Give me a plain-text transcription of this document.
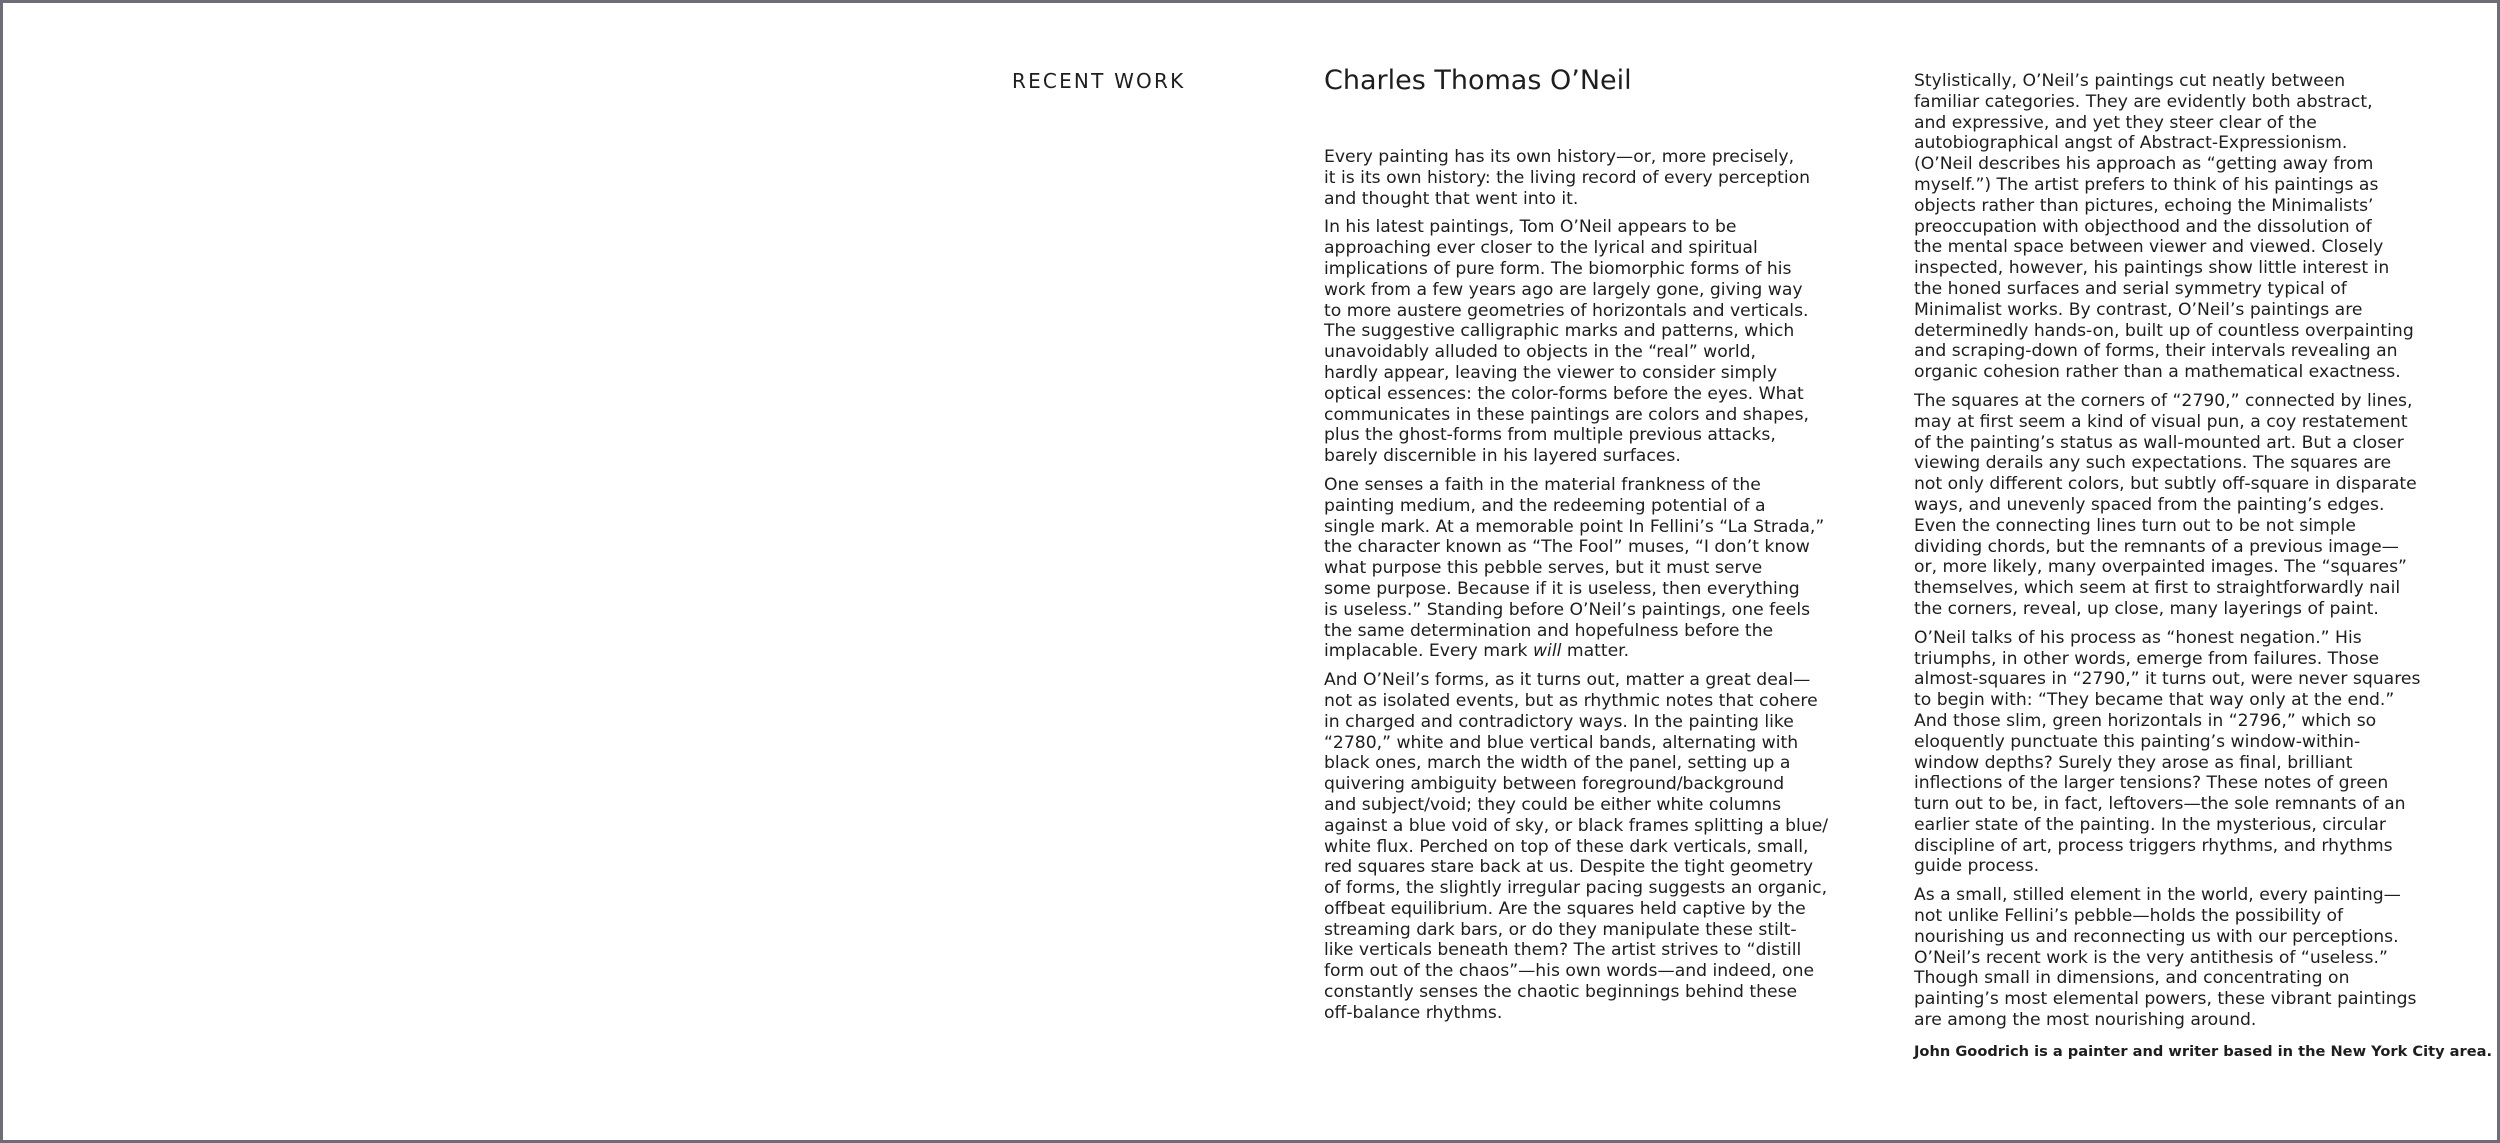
RECENT WORK	Charles Thomas O’Neil

Every painting has its own history—or, more precisely,
it is its own history: the living record of every perception
and thought that went into it.

In his latest paintings, Tom O’Neil appears to be
approaching ever closer to the lyrical and spiritual
implications of pure form. The biomorphic forms of his
work from a few years ago are largely gone, giving way
to more austere geometries of horizontals and verticals.
The suggestive calligraphic marks and patterns, which
unavoidably alluded to objects in the “real” world,
hardly appear, leaving the viewer to consider simply
optical essences: the color-forms before the eyes. What
communicates in these paintings are colors and shapes,
plus the ghost-forms from multiple previous attacks,
barely discernible in his layered surfaces.

One senses a faith in the material frankness of the
painting medium, and the redeeming potential of a
single mark. At a memorable point In Fellini’s “La Strada,”
the character known as “The Fool” muses, “I don’t know
what purpose this pebble serves, but it must serve
some purpose. Because if it is useless, then everything
is useless.” Standing before O’Neil’s paintings, one feels
the same determination and hopefulness before the
implacable. Every mark will matter.

And O’Neil’s forms, as it turns out, matter a great deal—
not as isolated events, but as rhythmic notes that cohere
in charged and contradictory ways. In the painting like
“2780,” white and blue vertical bands, alternating with
black ones, march the width of the panel, setting up a
quivering ambiguity between foreground/background
and subject/void; they could be either white columns
against a blue void of sky, or black frames splitting a blue/
white flux. Perched on top of these dark verticals, small,
red squares stare back at us. Despite the tight geometry
of forms, the slightly irregular pacing suggests an organic,
offbeat equilibrium. Are the squares held captive by the
streaming dark bars, or do they manipulate these stilt-
like verticals beneath them? The artist strives to “distill
form out of the chaos”—his own words—and indeed, one
constantly senses the chaotic beginnings behind these
off-balance rhythms.

Stylistically, O’Neil’s paintings cut neatly between
familiar categories. They are evidently both abstract,
and expressive, and yet they steer clear of the
autobiographical angst of Abstract-Expressionism.
(O’Neil describes his approach as “getting away from
myself.”) The artist prefers to think of his paintings as
objects rather than pictures, echoing the Minimalists’
preoccupation with objecthood and the dissolution of
the mental space between viewer and viewed. Closely
inspected, however, his paintings show little interest in
the honed surfaces and serial symmetry typical of
Minimalist works. By contrast, O’Neil’s paintings are
determinedly hands-on, built up of countless overpainting
and scraping-down of forms, their intervals revealing an
organic cohesion rather than a mathematical exactness.

The squares at the corners of “2790,” connected by lines,
may at first seem a kind of visual pun, a coy restatement
of the painting’s status as wall-mounted art. But a closer
viewing derails any such expectations. The squares are
not only different colors, but subtly off-square in disparate
ways, and unevenly spaced from the painting’s edges.
Even the connecting lines turn out to be not simple
dividing chords, but the remnants of a previous image—
or, more likely, many overpainted images. The “squares”
themselves, which seem at first to straightforwardly nail
the corners, reveal, up close, many layerings of paint.

O’Neil talks of his process as “honest negation.” His
triumphs, in other words, emerge from failures. Those
almost-squares in “2790,” it turns out, were never squares
to begin with: “They became that way only at the end.”
And those slim, green horizontals in “2796,” which so
eloquently punctuate this painting’s window-within-
window depths? Surely they arose as final, brilliant
inflections of the larger tensions? These notes of green
turn out to be, in fact, leftovers—the sole remnants of an
earlier state of the painting. In the mysterious, circular
discipline of art, process triggers rhythms, and rhythms
guide process.

As a small, stilled element in the world, every painting—
not unlike Fellini’s pebble—holds the possibility of
nourishing us and reconnecting us with our perceptions.
O’Neil’s recent work is the very antithesis of “useless.”
Though small in dimensions, and concentrating on
painting’s most elemental powers, these vibrant paintings
are among the most nourishing around.

John Goodrich is a painter and writer based in the New York City area.
